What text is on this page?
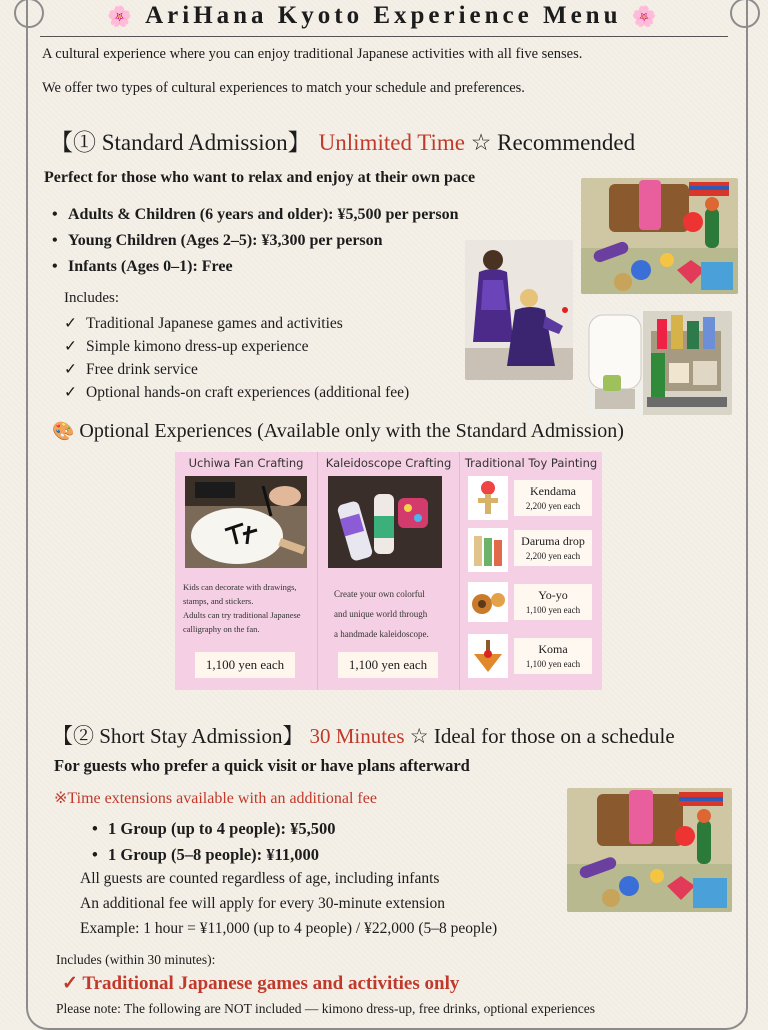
🌸 AriHana Kyoto Experience Menu 🌸
A cultural experience where you can enjoy traditional Japanese activities with all five senses.
We offer two types of cultural experiences to match your schedule and preferences.
【① Standard Admission】 Unlimited Time ☆ Recommended
Perfect for those who want to relax and enjoy at their own pace
• Adults & Children (6 years and older): ¥5,500 per person
• Young Children (Ages 2–5): ¥3,300 per person
• Infants (Ages 0–1): Free
Includes:
✓ Traditional Japanese games and activities
✓ Simple kimono dress-up experience
✓ Free drink service
✓ Optional hands-on craft experiences (additional fee)
🎨 Optional Experiences (Available only with the Standard Admission)
Uchiwa Fan Crafting
Kids can decorate with drawings,
stamps, and stickers.
Adults can try traditional Japanese
calligraphy on the fan.
1,100 yen each
Kaleidoscope Crafting
Create your own colorful
and unique world through
a handmade kaleidoscope.
1,100 yen each
Traditional Toy Painting
Kendama
2,200 yen each
Daruma drop
2,200 yen each
Yo-yo
1,100 yen each
Koma
1,100 yen each
【② Short Stay Admission】 30 Minutes ☆ Ideal for those on a schedule
For guests who prefer a quick visit or have plans afterward
※Time extensions available with an additional fee
• 1 Group (up to 4 people): ¥5,500
• 1 Group (5–8 people): ¥11,000
All guests are counted regardless of age, including infants
An additional fee will apply for every 30-minute extension
Example: 1 hour = ¥11,000 (up to 4 people) / ¥22,000 (5–8 people)
Includes (within 30 minutes):
✓ Traditional Japanese games and activities only
Please note: The following are NOT included — kimono dress-up, free drinks, optional experiences
